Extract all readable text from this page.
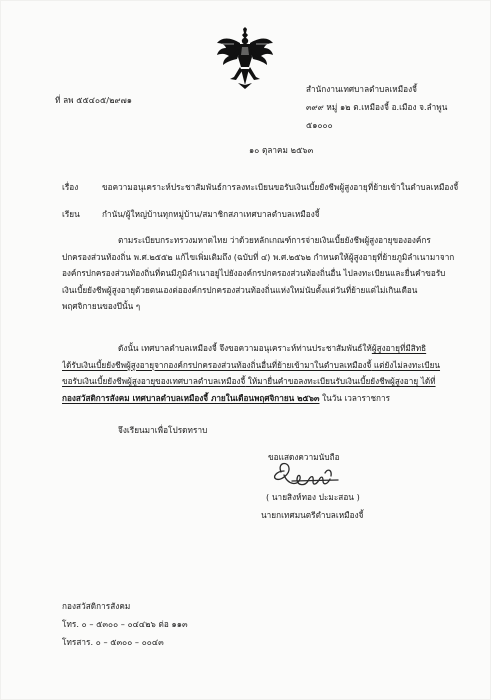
ที่ ลพ ๕๕๔๐๕/๒๙๗๑
สำนักงานเทศบาลตำบลเหมืองจี้
๓๙๙ หมู่ ๑๒ ต.เหมืองจี้ อ.เมือง จ.ลำพูน
๕๑๐๐๐
๑๐ ตุลาคม ๒๕๖๓
เรื่อง	ขอความอนุเคราะห์ประชาสัมพันธ์การลงทะเบียนขอรับเงินเบี้ยยังชีพผู้สูงอายุที่ย้ายเข้าในตำบลเหมืองจี้
เรียน	กำนัน/ผู้ใหญ่บ้านทุกหมู่บ้าน/สมาชิกสภาเทศบาลตำบลเหมืองจี้
ตามระเบียบกระทรวงมหาดไทย ว่าด้วยหลักเกณฑ์การจ่ายเงินเบี้ยยังชีพผู้สูงอายุขององค์กร
ปกครองส่วนท้องถิ่น พ.ศ.๒๕๕๒ แก้ไขเพิ่มเติมถึง (ฉบับที่ ๔) พ.ศ.๒๕๖๒ กำหนดให้ผู้สูงอายุที่ย้ายภูมิลำเนามาจาก
องค์กรปกครองส่วนท้องถิ่นที่ตนมีภูมิลำเนาอยู่ไปยังองค์กรปกครองส่วนท้องถิ่นอื่น ไปลงทะเบียนและยื่นคำขอรับ
เงินเบี้ยยังชีพผู้สูงอายุด้วยตนเองต่อองค์กรปกครองส่วนท้องถิ่นแห่งใหม่นับตั้งแต่วันที่ย้ายแต่ไม่เกินเดือน
พฤศจิกายนของปีนั้น ๆ
ดังนั้น เทศบาลตำบลเหมืองจี้ จึงขอความอนุเคราะห์ท่านประชาสัมพันธ์ให้ผู้สูงอายุที่มีสิทธิ
ได้รับเงินเบี้ยยังชีพผู้สูงอายุจากองค์กรปกครองส่วนท้องถิ่นอื่นที่ย้ายเข้ามาในตำบลเหมืองจี้ แต่ยังไม่ลงทะเบียน
ขอรับเงินเบี้ยยังชีพผู้สูงอายุของเทศบาลตำบลเหมืองจี้ ให้มายื่นคำขอลงทะเบียนรับเงินเบี้ยยังชีพผู้สูงอายุ ได้ที่
กองสวัสดิการสังคม เทศบาลตำบลเหมืองจี้ ภายในเดือนพฤศจิกายน ๒๕๖๓ ในวัน เวลาราชการ
จึงเรียนมาเพื่อโปรดทราบ
ขอแสดงความนับถือ
( นายสิงห์ทอง ปะมะสอน )
นายกเทศมนตรีตำบลเหมืองจี้
กองสวัสดิการสังคม
โทร. ๐ – ๕๓๐๐ – ๐๔๔๒๖ ต่อ ๑๑๓
โทรสาร. ๐ – ๕๓๐๐ – ๐๐๔๓
